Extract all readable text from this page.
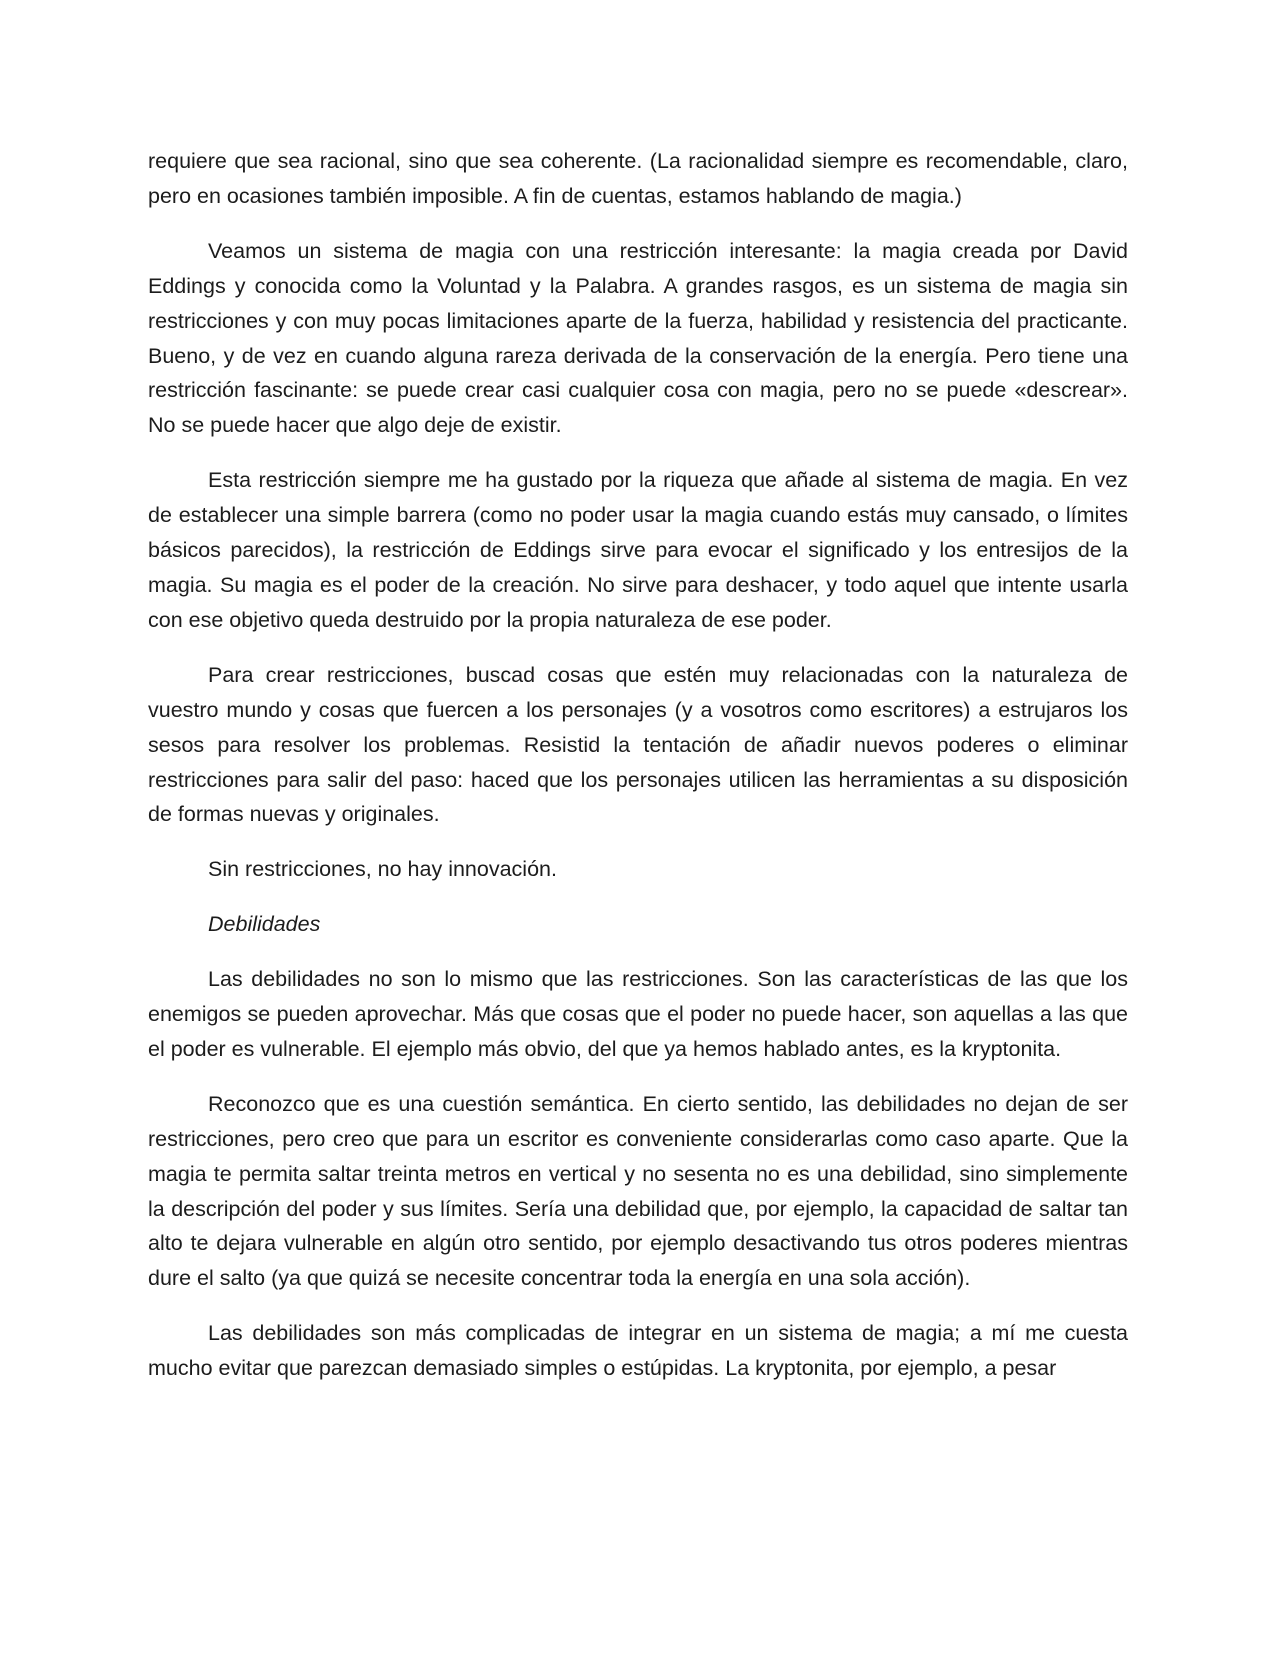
requiere que sea racional, sino que sea coherente. (La racionalidad siempre es recomendable, claro, pero en ocasiones también imposible. A fin de cuentas, estamos hablando de magia.)

Veamos un sistema de magia con una restricción interesante: la magia creada por David Eddings y conocida como la Voluntad y la Palabra. A grandes rasgos, es un sistema de magia sin restricciones y con muy pocas limitaciones aparte de la fuerza, habilidad y resistencia del practicante. Bueno, y de vez en cuando alguna rareza derivada de la conservación de la energía. Pero tiene una restricción fascinante: se puede crear casi cualquier cosa con magia, pero no se puede «descrear». No se puede hacer que algo deje de existir.

Esta restricción siempre me ha gustado por la riqueza que añade al sistema de magia. En vez de establecer una simple barrera (como no poder usar la magia cuando estás muy cansado, o límites básicos parecidos), la restricción de Eddings sirve para evocar el significado y los entresijos de la magia. Su magia es el poder de la creación. No sirve para deshacer, y todo aquel que intente usarla con ese objetivo queda destruido por la propia naturaleza de ese poder.

Para crear restricciones, buscad cosas que estén muy relacionadas con la naturaleza de vuestro mundo y cosas que fuercen a los personajes (y a vosotros como escritores) a estrujaros los sesos para resolver los problemas. Resistid la tentación de añadir nuevos poderes o eliminar restricciones para salir del paso: haced que los personajes utilicen las herramientas a su disposición de formas nuevas y originales.

Sin restricciones, no hay innovación.

Debilidades

Las debilidades no son lo mismo que las restricciones. Son las características de las que los enemigos se pueden aprovechar. Más que cosas que el poder no puede hacer, son aquellas a las que el poder es vulnerable. El ejemplo más obvio, del que ya hemos hablado antes, es la kryptonita.

Reconozco que es una cuestión semántica. En cierto sentido, las debilidades no dejan de ser restricciones, pero creo que para un escritor es conveniente considerarlas como caso aparte. Que la magia te permita saltar treinta metros en vertical y no sesenta no es una debilidad, sino simplemente la descripción del poder y sus límites. Sería una debilidad que, por ejemplo, la capacidad de saltar tan alto te dejara vulnerable en algún otro sentido, por ejemplo desactivando tus otros poderes mientras dure el salto (ya que quizá se necesite concentrar toda la energía en una sola acción).

Las debilidades son más complicadas de integrar en un sistema de magia; a mí me cuesta mucho evitar que parezcan demasiado simples o estúpidas. La kryptonita, por ejemplo, a pesar
